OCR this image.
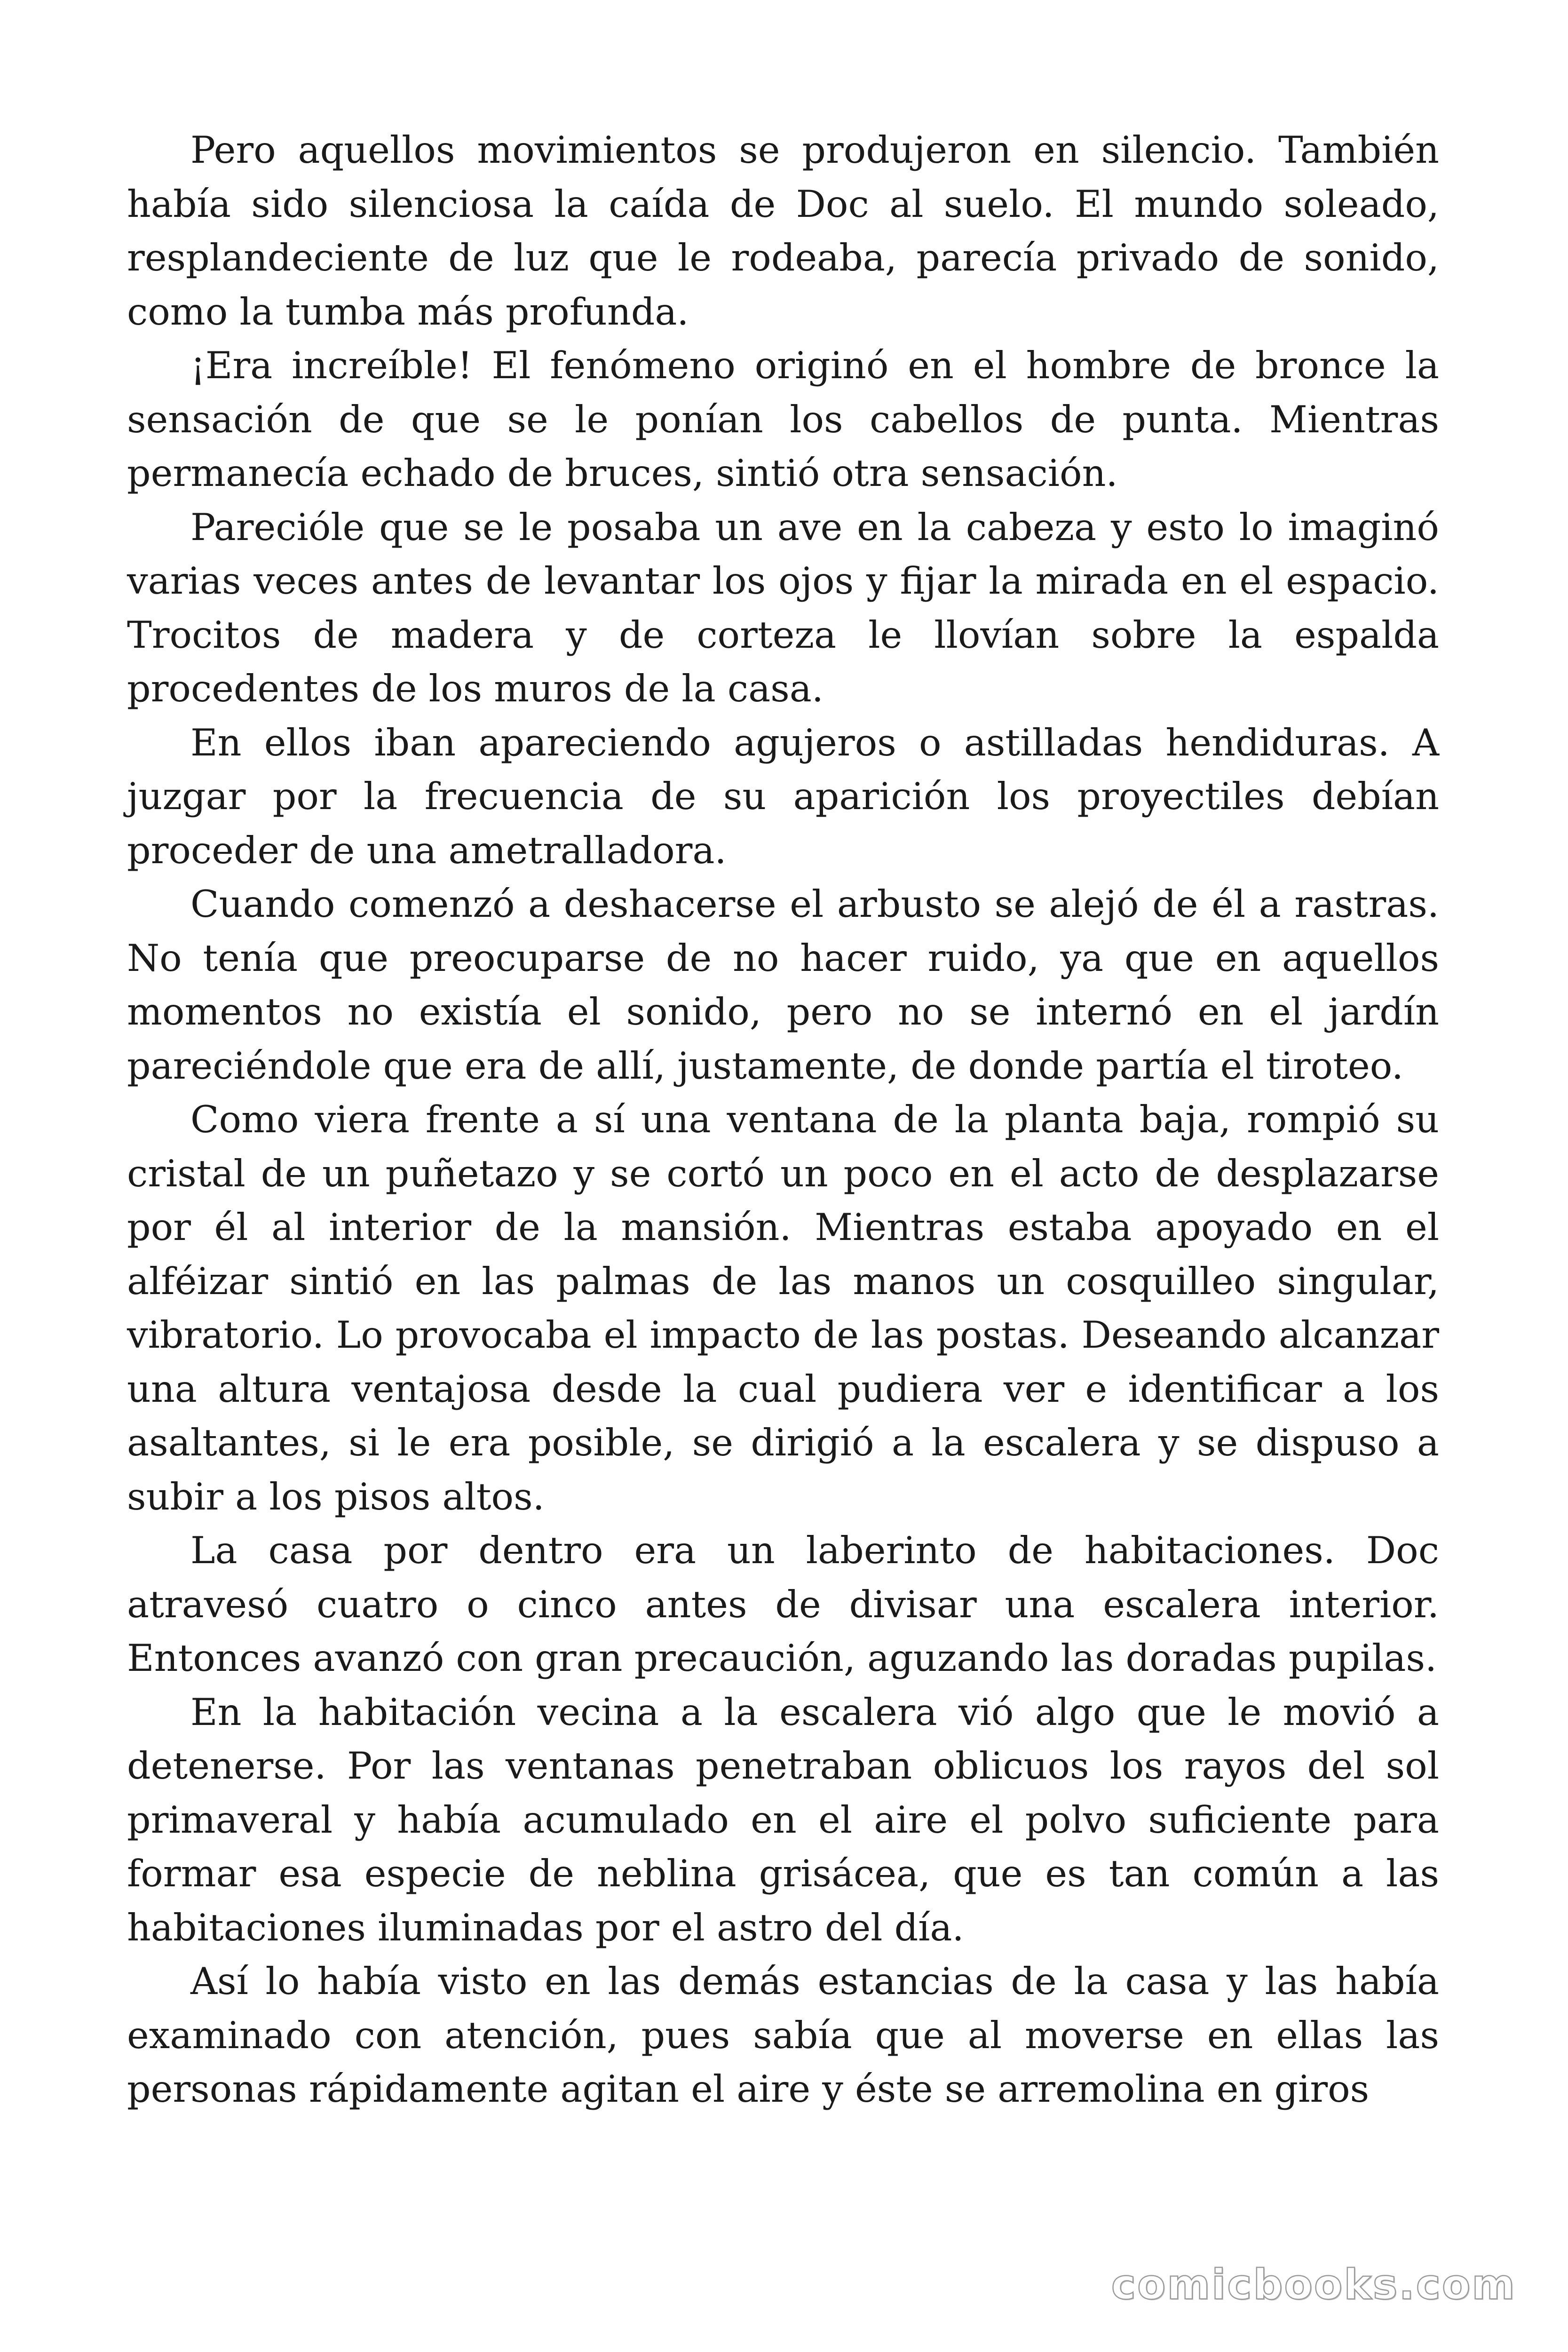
Pero aquellos movimientos se produjeron en silencio. También había sido silenciosa la caída de Doc al suelo. El mundo soleado, resplandeciente de luz que le rodeaba, parecía privado de sonido, como la tumba más profunda.

¡Era increíble! El fenómeno originó en el hombre de bronce la sensación de que se le ponían los cabellos de punta. Mientras permanecía echado de bruces, sintió otra sensación.

Parecióle que se le posaba un ave en la cabeza y esto lo imaginó varias veces antes de levantar los ojos y fijar la mirada en el espacio. Trocitos de madera y de corteza le llovían sobre la espalda procedentes de los muros de la casa.

En ellos iban apareciendo agujeros o astilladas hendiduras. A juzgar por la frecuencia de su aparición los proyectiles debían proceder de una ametralladora.

Cuando comenzó a deshacerse el arbusto se alejó de él a rastras. No tenía que preocuparse de no hacer ruido, ya que en aquellos momentos no existía el sonido, pero no se internó en el jardín pareciéndole que era de allí, justamente, de donde partía el tiroteo.

Como viera frente a sí una ventana de la planta baja, rompió su cristal de un puñetazo y se cortó un poco en el acto de desplazarse por él al interior de la mansión. Mientras estaba apoyado en el alféizar sintió en las palmas de las manos un cosquilleo singular, vibratorio. Lo provocaba el impacto de las postas. Deseando alcanzar una altura ventajosa desde la cual pudiera ver e identificar a los asaltantes, si le era posible, se dirigió a la escalera y se dispuso a subir a los pisos altos.

La casa por dentro era un laberinto de habitaciones. Doc atravesó cuatro o cinco antes de divisar una escalera interior. Entonces avanzó con gran precaución, aguzando las doradas pupilas.

En la habitación vecina a la escalera vió algo que le movió a detenerse. Por las ventanas penetraban oblicuos los rayos del sol primaveral y había acumulado en el aire el polvo suficiente para formar esa especie de neblina grisácea, que es tan común a las habitaciones iluminadas por el astro del día.

Así lo había visto en las demás estancias de la casa y las había examinado con atención, pues sabía que al moverse en ellas las personas rápidamente agitan el aire y éste se arremolina en giros

comicbooks.com
